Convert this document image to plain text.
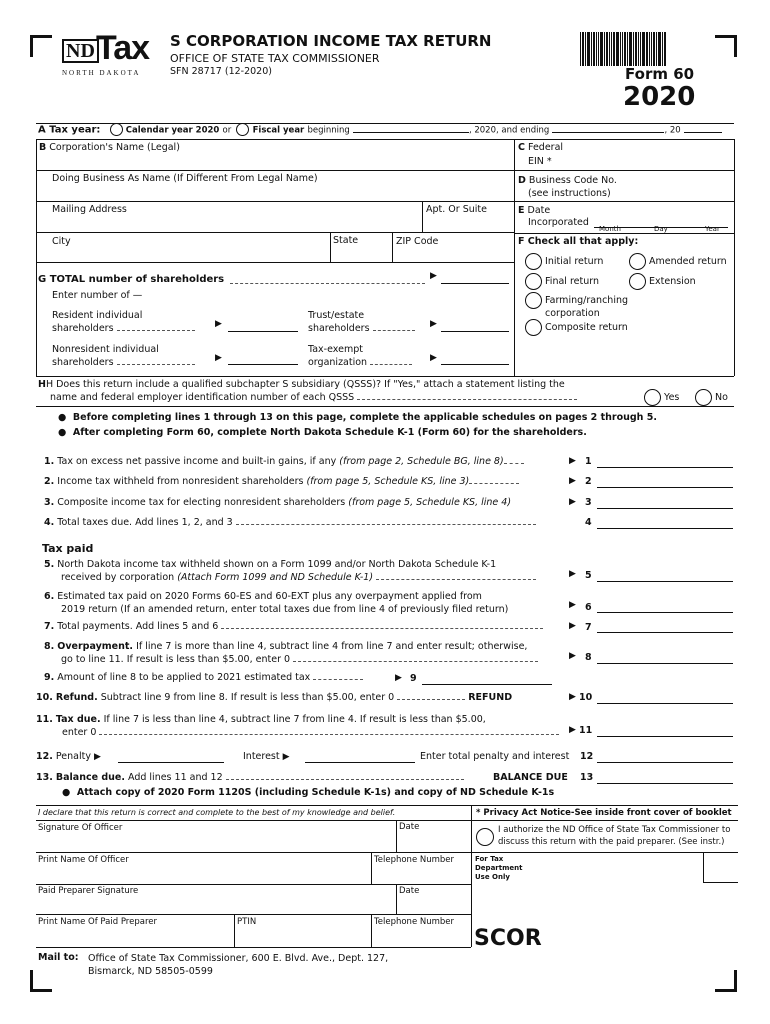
ND Tax
NORTH DAKOTA
S CORPORATION INCOME TAX RETURN
OFFICE OF STATE TAX COMMISSIONER
SFN 28717 (12-2020)	Form 60
2020
A Tax year:	Calendar year 2020 or	Fiscal year beginning	, 2020, and ending	, 20
B Corporation's Name (Legal)
Doing Business As Name (If Different From Legal Name)
Mailing Address	Apt. Or Suite
City	State	ZIP Code
C Federal
EIN *
D Business Code No.
(see instructions)
E Date
Incorporated
Month	Day	Year
F Check all that apply:
Initial return	Amended return
Final return	Extension
Farming/ranching
corporation
Composite return
G TOTAL number of shareholders	▶
Enter number of —
Resident individual
shareholders	▶
Trust/estate
shareholders	▶
Nonresident individual
shareholders	▶
Tax-exempt
organization	▶
HH Does this return include a qualified subchapter S subsidiary (QSSS)? If "Yes," attach a statement listing the
name and federal employer identification number of each QSSS	Yes	No
●  Before completing lines 1 through 13 on this page, complete the applicable schedules on pages 2 through 5.
●  After completing Form 60, complete North Dakota Schedule K-1 (Form 60) for the shareholders.
1. Tax on excess net passive income and built-in gains, if any (from page 2, Schedule BG, line 8)	▶ 1
2. Income tax withheld from nonresident shareholders (from page 5, Schedule KS, line 3)	▶ 2
3. Composite income tax for electing nonresident shareholders (from page 5, Schedule KS, line 4)	▶ 3
4. Total taxes due. Add lines 1, 2, and 3	4
Tax paid
5. North Dakota income tax withheld shown on a Form 1099 and/or North Dakota Schedule K-1
received by corporation (Attach Form 1099 and ND Schedule K-1)	▶ 5
6. Estimated tax paid on 2020 Forms 60-ES and 60-EXT plus any overpayment applied from
2019 return (If an amended return, enter total taxes due from line 4 of previously filed return)	▶ 6
7. Total payments. Add lines 5 and 6	▶ 7
8. Overpayment. If line 7 is more than line 4, subtract line 4 from line 7 and enter result; otherwise,
go to line 11. If result is less than $5.00, enter 0	▶ 8
9. Amount of line 8 to be applied to 2021 estimated tax	▶ 9
10. Refund. Subtract line 9 from line 8. If result is less than $5.00, enter 0	REFUND	▶ 10
11. Tax due. If line 7 is less than line 4, subtract line 7 from line 4. If result is less than $5.00,
enter 0	▶ 11
12. Penalty ▶	Interest ▶	Enter total penalty and interest 12
13. Balance due. Add lines 11 and 12	BALANCE DUE 13
●  Attach copy of 2020 Form 1120S (including Schedule K-1s) and copy of ND Schedule K-1s
I declare that this return is correct and complete to the best of my knowledge and belief.	* Privacy Act Notice-See inside front cover of booklet
Signature Of Officer	Date	I authorize the ND Office of State Tax Commissioner to
discuss this return with the paid preparer. (See instr.)
Print Name Of Officer	Telephone Number	For Tax
Department
Use Only
Paid Preparer Signature	Date
Print Name Of Paid Preparer	PTIN	Telephone Number
SCOR
Mail to: Office of State Tax Commissioner, 600 E. Blvd. Ave., Dept. 127,
Bismarck, ND 58505-0599
